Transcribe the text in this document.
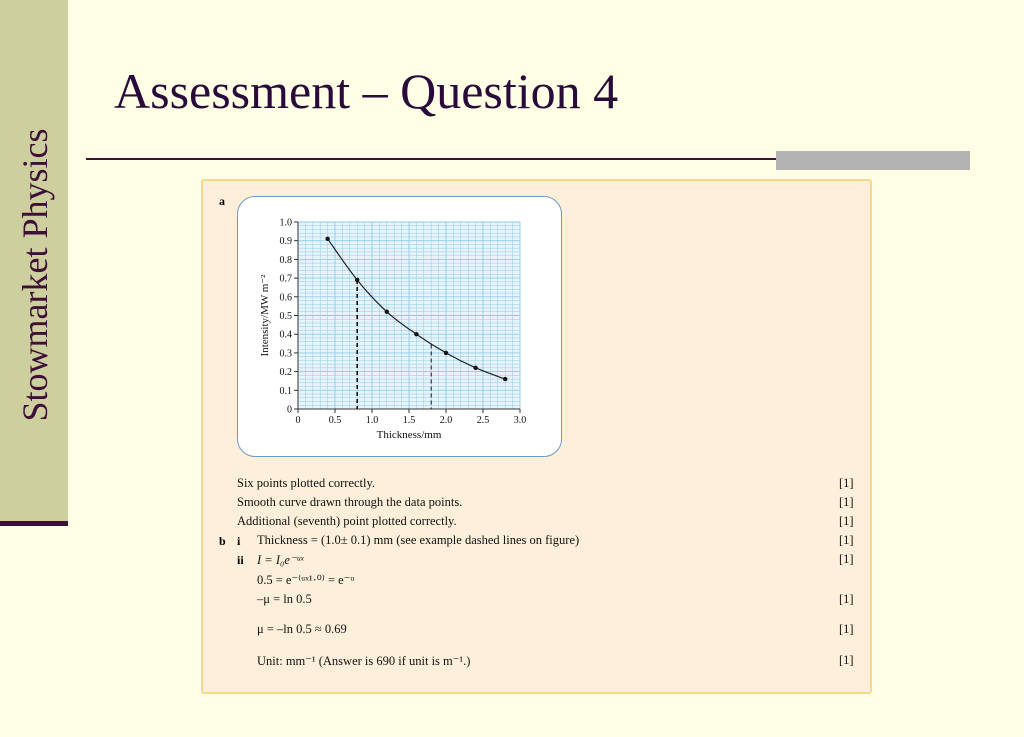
Stowmarket Physics
Assessment – Question 4
a
0
0.1
0.2
0.3
0.4
0.5
0.6
0.7
0.8
0.9
1.0
0	0.5 1.0 1.5 2.0 2.5 3.0
Thickness/mm
Intensity/MW m⁻²
Six points plotted correctly.	[1]
Smooth curve drawn through the data points.	[1]
Additional (seventh) point plotted correctly.	[1]
b i Thickness = (1.0± 0.1) mm (see example dashed lines on figure)	[1]
ii I = I₀e⁻ᵘˣ	[1]
0.5 = e⁻⁽ᵘˣ¹·⁰⁾ = e⁻ᵘ
–μ = ln 0.5	[1]
μ = –ln 0.5 ≈ 0.69	[1]
Unit: mm⁻¹ (Answer is 690 if unit is m⁻¹.)	[1]
